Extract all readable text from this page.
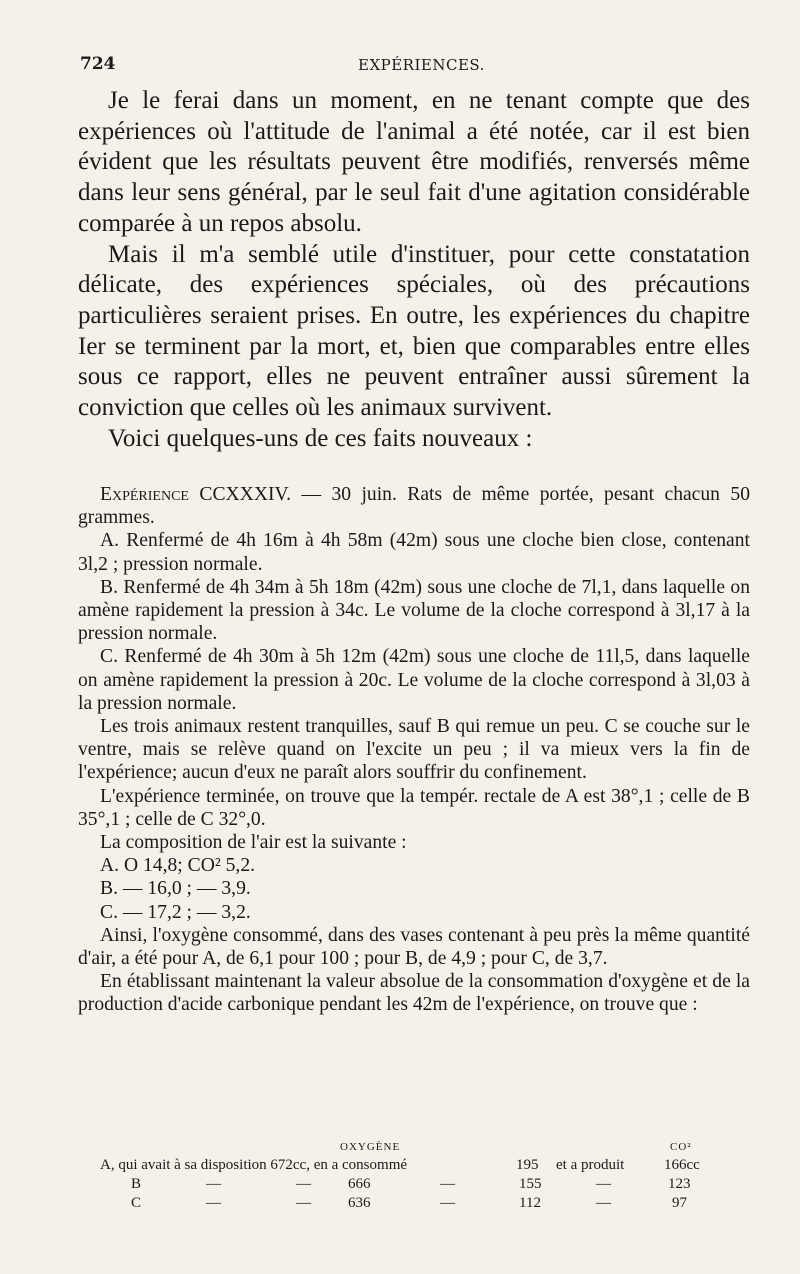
724	EXPÉRIENCES.

Je le ferai dans un moment, en ne tenant compte que des expériences où l'attitude de l'animal a été notée, car il est bien évident que les résultats peuvent être modifiés, renversés même dans leur sens général, par le seul fait d'une agitation considérable comparée à un repos absolu.

Mais il m'a semblé utile d'instituer, pour cette constatation délicate, des expériences spéciales, où des précautions particulières seraient prises. En outre, les expériences du chapitre Ier se terminent par la mort, et, bien que comparables entre elles sous ce rapport, elles ne peuvent entraîner aussi sûrement la conviction que celles où les animaux survivent.

Voici quelques-uns de ces faits nouveaux :

Expérience CCXXXIV. — 30 juin. Rats de même portée, pesant chacun 50 grammes.

A. Renfermé de 4h 16m à 4h 58m (42m) sous une cloche bien close, contenant 3l,2 ; pression normale.

B. Renfermé de 4h 34m à 5h 18m (42m) sous une cloche de 7l,1, dans laquelle on amène rapidement la pression à 34c. Le volume de la cloche correspond à 3l,17 à la pression normale.

C. Renfermé de 4h 30m à 5h 12m (42m) sous une cloche de 11l,5, dans laquelle on amène rapidement la pression à 20c. Le volume de la cloche correspond à 3l,03 à la pression normale.

Les trois animaux restent tranquilles, sauf B qui remue un peu. C se couche sur le ventre, mais se relève quand on l'excite un peu ; il va mieux vers la fin de l'expérience; aucun d'eux ne paraît alors souffrir du confinement.

L'expérience terminée, on trouve que la tempér. rectale de A est 38°,1 ; celle de B 35°,1 ; celle de C 32°,0.

La composition de l'air est la suivante :

A. O 14,8; CO² 5,2.

B. — 16,0 ; — 3,9.

C. — 17,2 ; — 3,2.

Ainsi, l'oxygène consommé, dans des vases contenant à peu près la même quantité d'air, a été pour A, de 6,1 pour 100 ; pour B, de 4,9 ; pour C, de 3,7.

En établissant maintenant la valeur absolue de la consommation d'oxygène et de la production d'acide carbonique pendant les 42m de l'expérience, on trouve que :

OXYGÈNE	CO²
A, qui avait à sa disposition 672cc, en a consommé	195 et a produit	166cc
B	—	— 666	—	155	—	123
C	—	— 636	—	112	—	97
